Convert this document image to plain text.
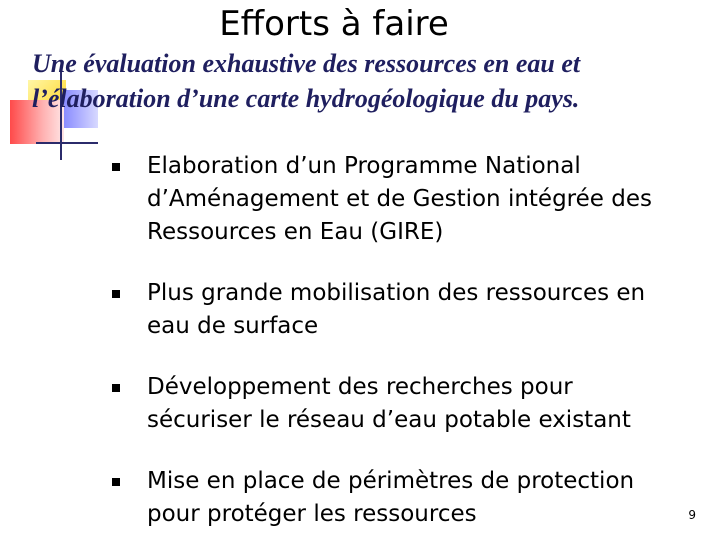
Efforts à faire
Une évaluation exhaustive des ressources en eau et l’élaboration d’une carte hydrogéologique du pays.
Elaboration d’un Programme National d’Aménagement et de Gestion intégrée des Ressources en Eau (GIRE)
Plus grande mobilisation des ressources en eau de surface
Développement des recherches pour sécuriser le réseau d’eau potable existant
Mise en place de périmètres de protection pour protéger les ressources	9
